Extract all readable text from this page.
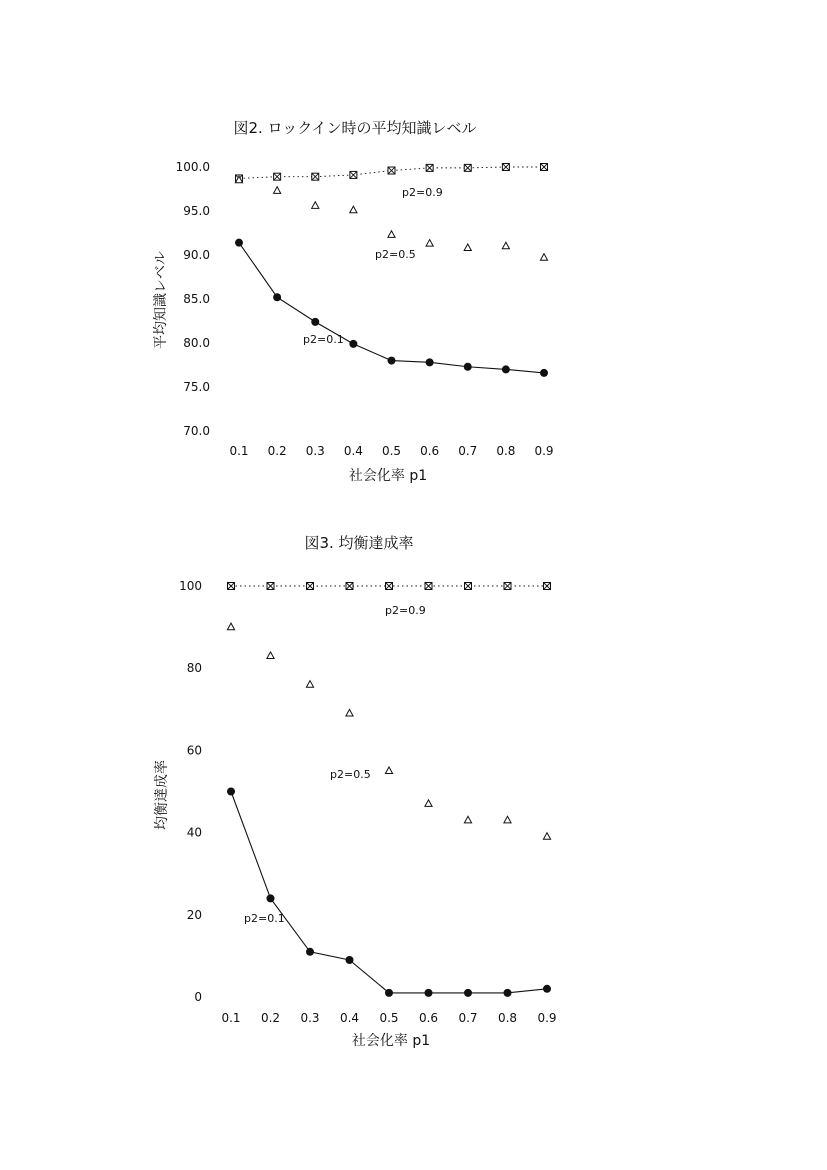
図2. ロックイン時の平均知識レベル
社会化率 p1
平均知識レベル
70.0
75.0
80.0
85.0
90.0
95.0
100.0
0.1 0.2 0.3 0.4 0.5 0.6 0.7 0.8 0.9
p2=0.9
p2=0.5
p2=0.1
図3. 均衡達成率
社会化率 p1
均衡達成率
0
20
40
60
80
100
0.1 0.2 0.3 0.4 0.5 0.6 0.7 0.8 0.9
p2=0.9
p2=0.5
p2=0.1
